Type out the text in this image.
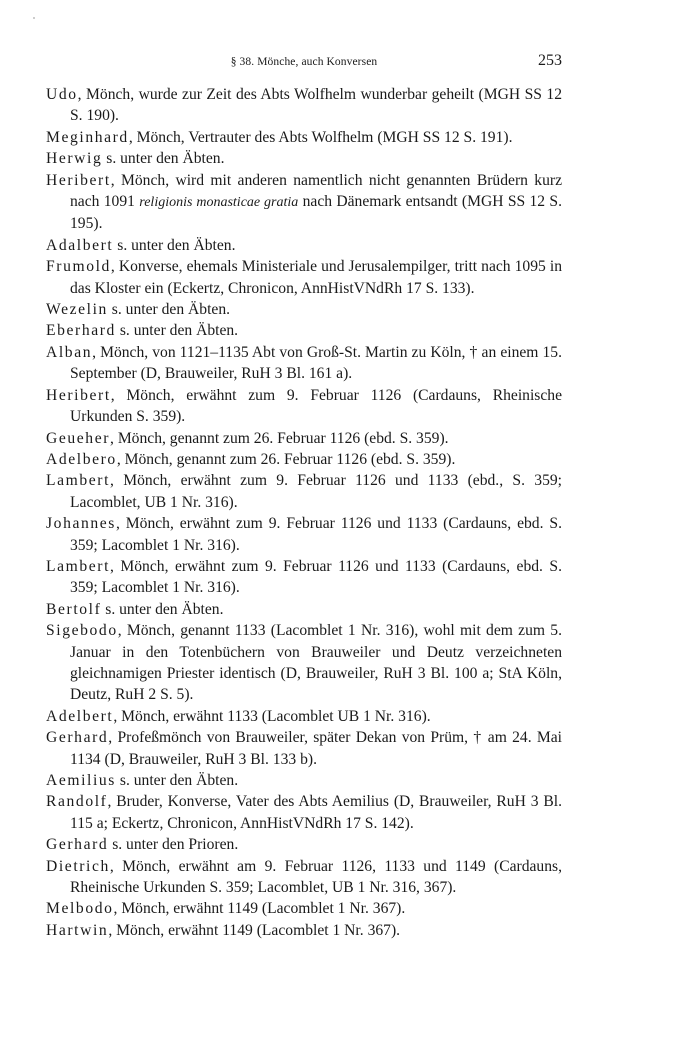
§ 38. Mönche, auch Konversen	253

Udo, Mönch, wurde zur Zeit des Abts Wolfhelm wunderbar geheilt (MGH SS 12 S. 190).

Meginhard, Mönch, Vertrauter des Abts Wolfhelm (MGH SS 12 S. 191).

Herwig s. unter den Äbten.

Heribert, Mönch, wird mit anderen namentlich nicht genannten Brüdern kurz nach 1091 religionis monasticae gratia nach Dänemark entsandt (MGH SS 12 S. 195).

Adalbert s. unter den Äbten.

Frumold, Konverse, ehemals Ministeriale und Jerusalempilger, tritt nach 1095 in das Kloster ein (Eckertz, Chronicon, AnnHistVNdRh 17 S. 133).

Wezelin s. unter den Äbten.

Eberhard s. unter den Äbten.

Alban, Mönch, von 1121–1135 Abt von Groß-St. Martin zu Köln, † an einem 15. September (D, Brauweiler, RuH 3 Bl. 161 a).

Heribert, Mönch, erwähnt zum 9. Februar 1126 (Cardauns, Rheinische Urkunden S. 359).

Geueher, Mönch, genannt zum 26. Februar 1126 (ebd. S. 359).

Adelbero, Mönch, genannt zum 26. Februar 1126 (ebd. S. 359).

Lambert, Mönch, erwähnt zum 9. Februar 1126 und 1133 (ebd., S. 359; Lacomblet, UB 1 Nr. 316).

Johannes, Mönch, erwähnt zum 9. Februar 1126 und 1133 (Cardauns, ebd. S. 359; Lacomblet 1 Nr. 316).

Lambert, Mönch, erwähnt zum 9. Februar 1126 und 1133 (Cardauns, ebd. S. 359; Lacomblet 1 Nr. 316).

Bertolf s. unter den Äbten.

Sigebodo, Mönch, genannt 1133 (Lacomblet 1 Nr. 316), wohl mit dem zum 5. Januar in den Totenbüchern von Brauweiler und Deutz verzeichneten gleichnamigen Priester identisch (D, Brauweiler, RuH 3 Bl. 100 a; StA Köln, Deutz, RuH 2 S. 5).

Adelbert, Mönch, erwähnt 1133 (Lacomblet UB 1 Nr. 316).

Gerhard, Profeßmönch von Brauweiler, später Dekan von Prüm, † am 24. Mai 1134 (D, Brauweiler, RuH 3 Bl. 133 b).

Aemilius s. unter den Äbten.

Randolf, Bruder, Konverse, Vater des Abts Aemilius (D, Brauweiler, RuH 3 Bl. 115 a; Eckertz, Chronicon, AnnHistVNdRh 17 S. 142).

Gerhard s. unter den Prioren.

Dietrich, Mönch, erwähnt am 9. Februar 1126, 1133 und 1149 (Cardauns, Rheinische Urkunden S. 359; Lacomblet, UB 1 Nr. 316, 367).

Melbodo, Mönch, erwähnt 1149 (Lacomblet 1 Nr. 367).

Hartwin, Mönch, erwähnt 1149 (Lacomblet 1 Nr. 367).
